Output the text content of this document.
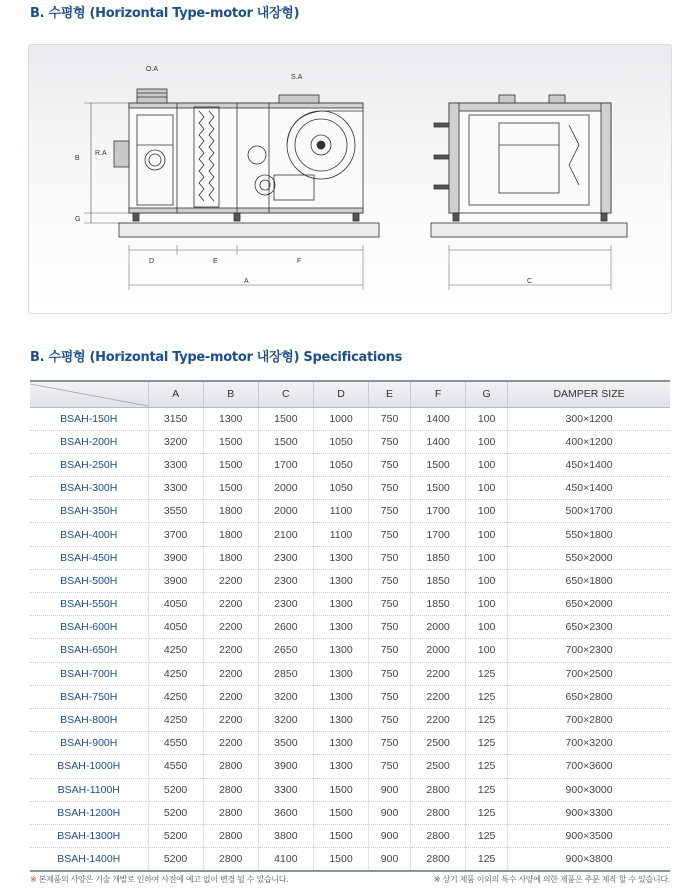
B. 수평형 (Horizontal Type-motor 내장형)
O.A
S.A
R.A
B
G
D	E	F
A	C
B. 수평형 (Horizontal Type-motor 내장형) Specifications
	A	B	C	D	E	F	G	DAMPER SIZE
BSAH-150H	3150	1300	1500	1000	750	1400	100	300×1200
BSAH-200H	3200	1500	1500	1050	750	1400	100	400×1200
BSAH-250H	3300	1500	1700	1050	750	1500	100	450×1400
BSAH-300H	3300	1500	2000	1050	750	1500	100	450×1400
BSAH-350H	3550	1800	2000	1100	750	1700	100	500×1700
BSAH-400H	3700	1800	2100	1100	750	1700	100	550×1800
BSAH-450H	3900	1800	2300	1300	750	1850	100	550×2000
BSAH-500H	3900	2200	2300	1300	750	1850	100	650×1800
BSAH-550H	4050	2200	2300	1300	750	1850	100	650×2000
BSAH-600H	4050	2200	2600	1300	750	2000	100	650×2300
BSAH-650H	4250	2200	2650	1300	750	2000	100	700×2300
BSAH-700H	4250	2200	2850	1300	750	2200	125	700×2500
BSAH-750H	4250	2200	3200	1300	750	2200	125	650×2800
BSAH-800H	4250	2200	3200	1300	750	2200	125	700×2800
BSAH-900H	4550	2200	3500	1300	750	2500	125	700×3200
BSAH-1000H	4550	2800	3900	1300	750	2500	125	700×3600
BSAH-1100H	5200	2800	3300	1500	900	2800	125	900×3000
BSAH-1200H	5200	2800	3600	1500	900	2800	125	900×3300
BSAH-1300H	5200	2800	3800	1500	900	2800	125	900×3500
BSAH-1400H	5200	2800	4100	1500	900	2800	125	900×3800
※ 본제품의 사양은 기술 개발로 인하여 사전에 예고 없이 변경 될 수 있습니다.	※ 상기 제품 이외의 특수 사양에 의한 제품은 주문 제작 할 수 있습니다.
